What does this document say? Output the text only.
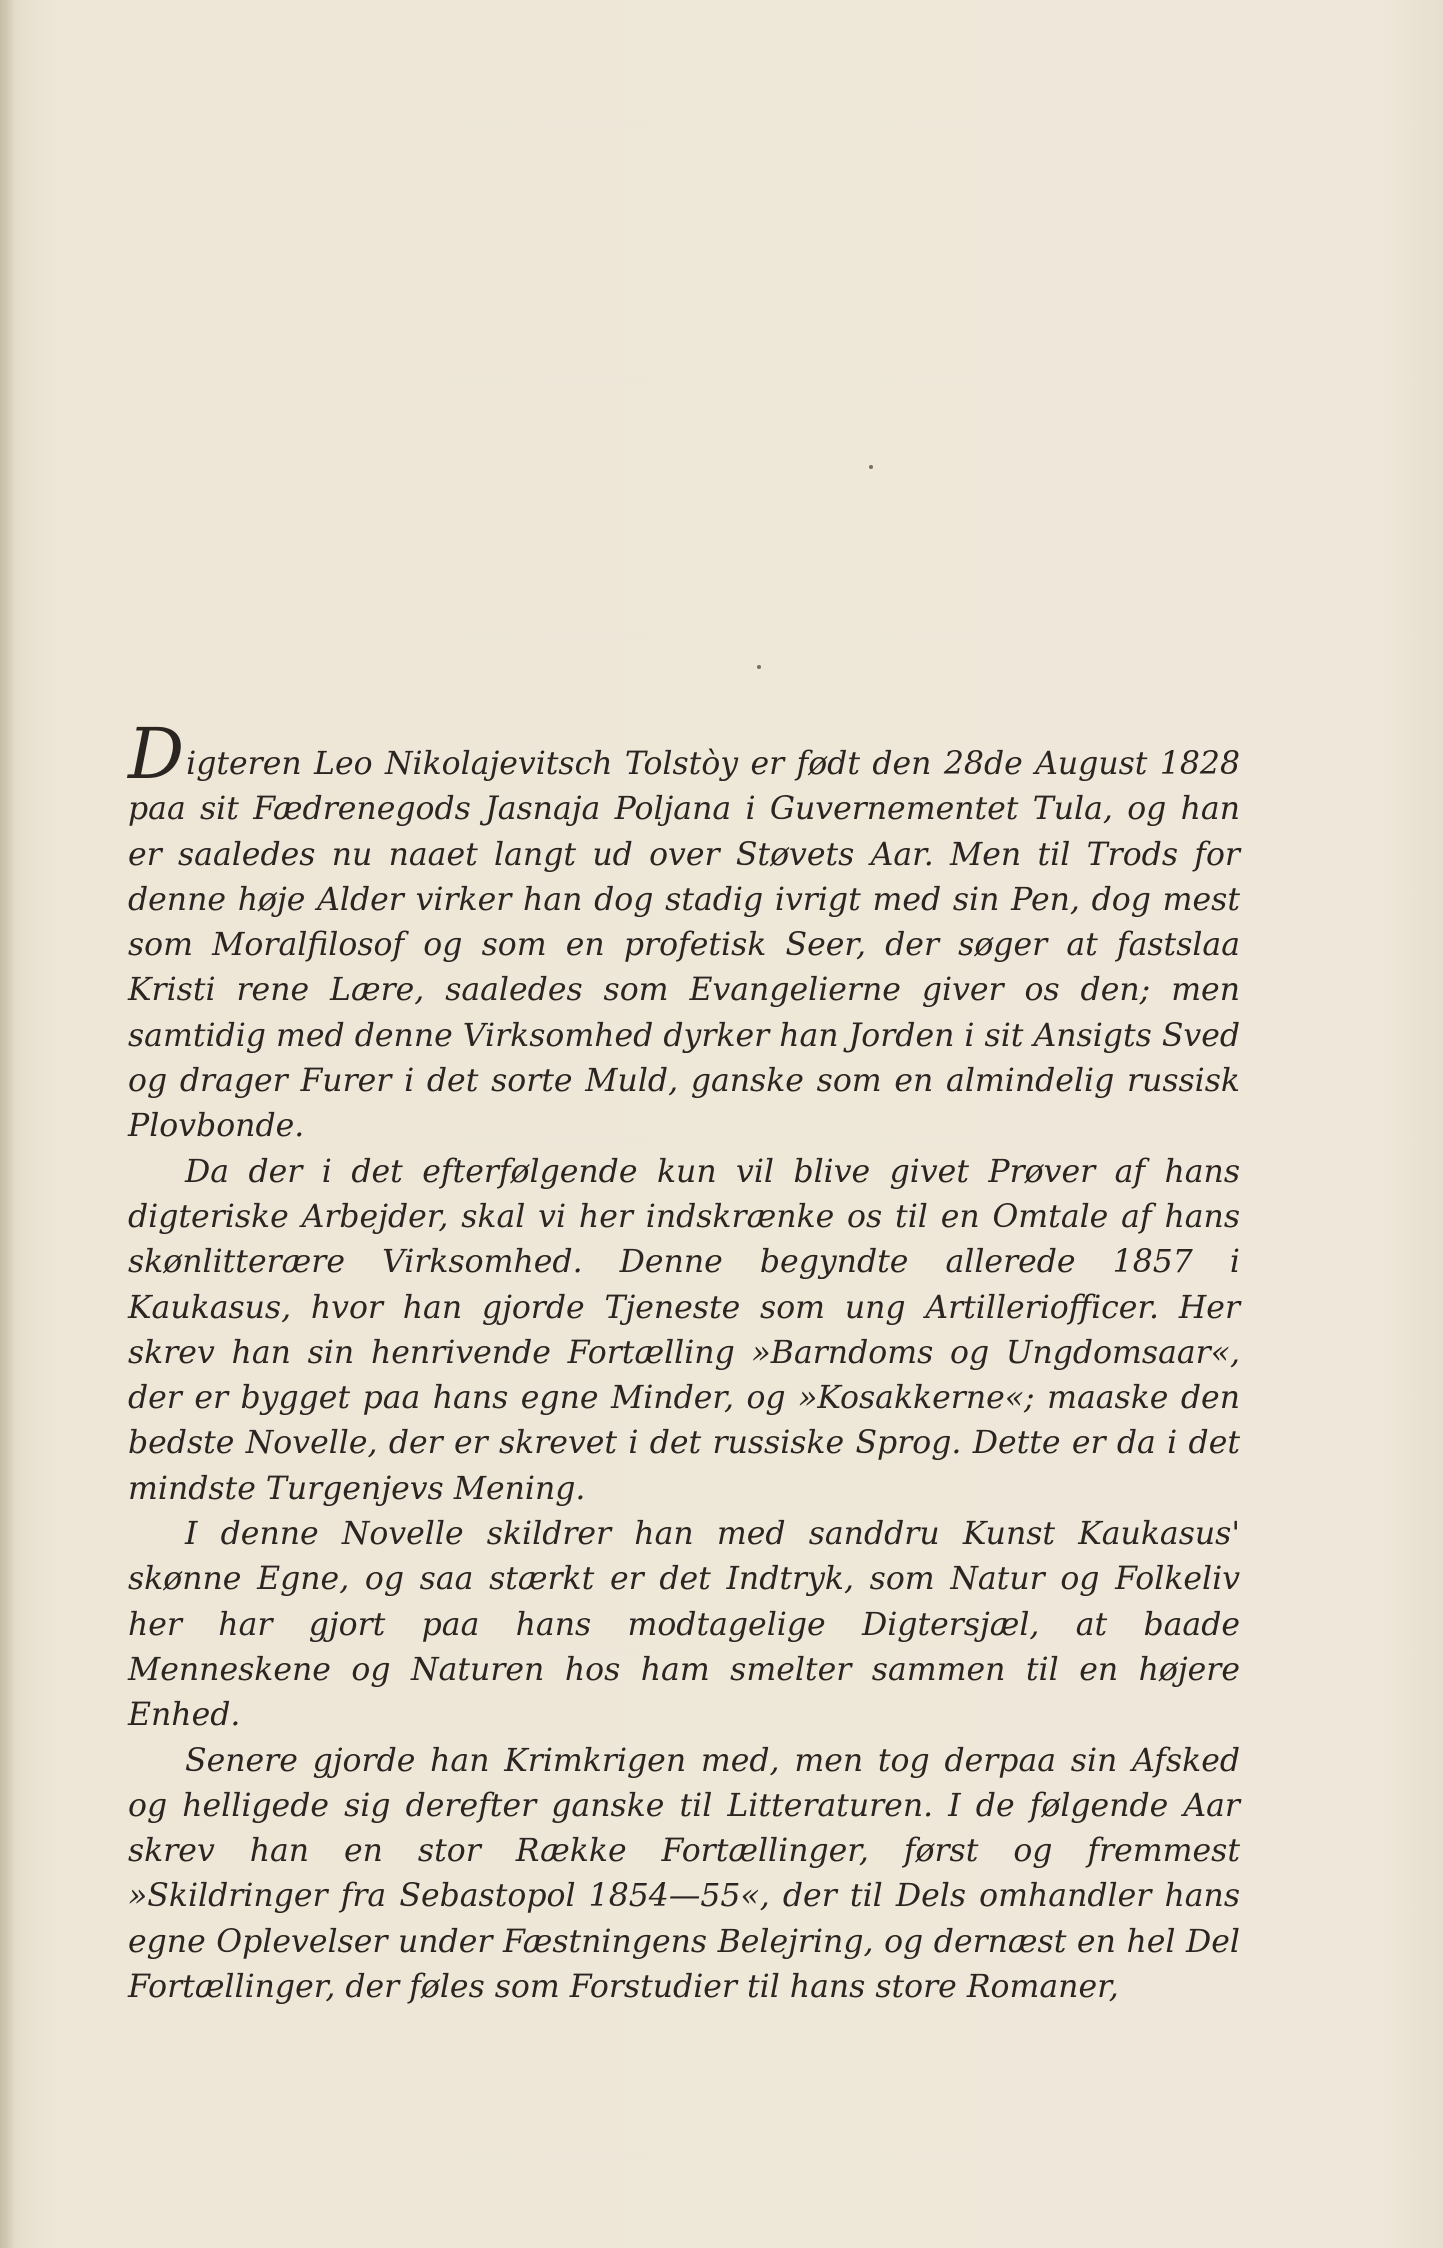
Digteren Leo Nikolajevitsch Tolstòy er født den 28de August 1828 paa sit Fædrenegods Jasnaja Poljana i Guvernementet Tula, og han er saaledes nu naaet langt ud over Støvets Aar. Men til Trods for denne høje Alder virker han dog stadig ivrigt med sin Pen, dog mest som Moralfilosof og som en profetisk Seer, der søger at fastslaa Kristi rene Lære, saaledes som Evangelierne giver os den; men samtidig med denne Virksomhed dyrker han Jorden i sit Ansigts Sved og drager Furer i det sorte Muld, ganske som en almindelig russisk Plovbonde.

Da der i det efterfølgende kun vil blive givet Prøver af hans digteriske Arbejder, skal vi her indskrænke os til en Omtale af hans skønlitterære Virksomhed. Denne begyndte allerede 1857 i Kaukasus, hvor han gjorde Tjeneste som ung Artilleriofficer. Her skrev han sin henrivende Fortælling »Barndoms og Ungdomsaar«, der er bygget paa hans egne Minder, og »Kosakkerne«; maaske den bedste Novelle, der er skrevet i det russiske Sprog. Dette er da i det mindste Turgenjevs Mening.

I denne Novelle skildrer han med sanddru Kunst Kaukasus' skønne Egne, og saa stærkt er det Indtryk, som Natur og Folkeliv her har gjort paa hans modtagelige Digtersjæl, at baade Menneskene og Naturen hos ham smelter sammen til en højere Enhed.

Senere gjorde han Krimkrigen med, men tog derpaa sin Afsked og helligede sig derefter ganske til Litteraturen. I de følgende Aar skrev han en stor Række Fortællinger, først og fremmest »Skildringer fra Sebastopol 1854—55«, der til Dels omhandler hans egne Oplevelser under Fæstningens Belejring, og dernæst en hel Del Fortællinger, der føles som Forstudier til hans store Romaner,
